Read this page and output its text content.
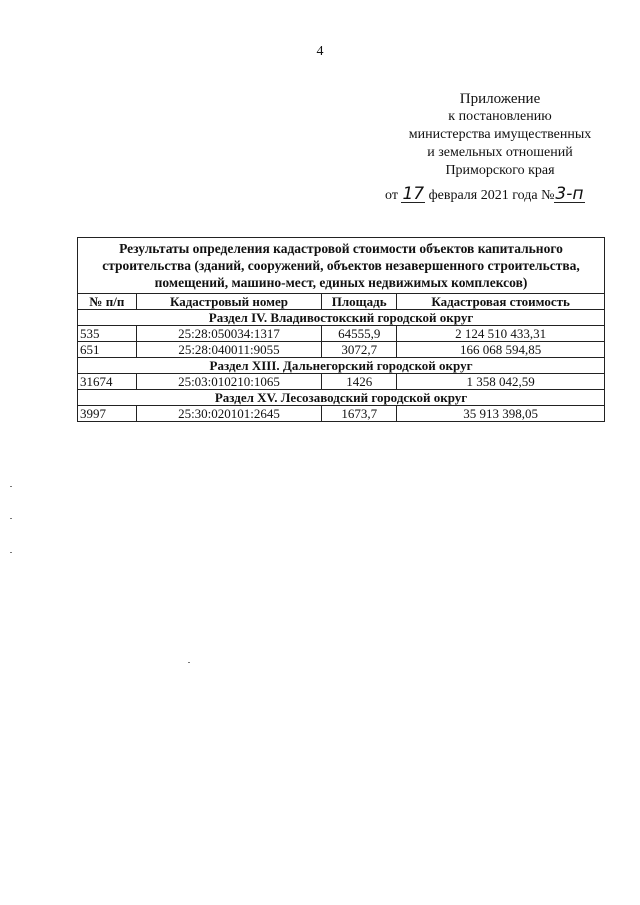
4
Приложение
к постановлению
министерства имущественных
и земельных отношений
Приморского края
от 17 февраля 2021 года №3-п
Результаты определения кадастровой стоимости объектов капитального строительства (зданий, сооружений, объектов незавершенного строительства, помещений, машино-мест, единых недвижимых комплексов)			
№ п/п	Кадастровый номер	Площадь	Кадастровая стоимость
Раздел IV. Владивостокский городской округ			
535	25:28:050034:1317	64555,9	2 124 510 433,31
651	25:28:040011:9055	3072,7	166 068 594,85
Раздел XIII. Дальнегорский городской округ			
31674	25:03:010210:1065	1426	1 358 042,59
Раздел XV. Лесозаводский городской округ			
3997	25:30:020101:2645	1673,7	35 913 398,05
